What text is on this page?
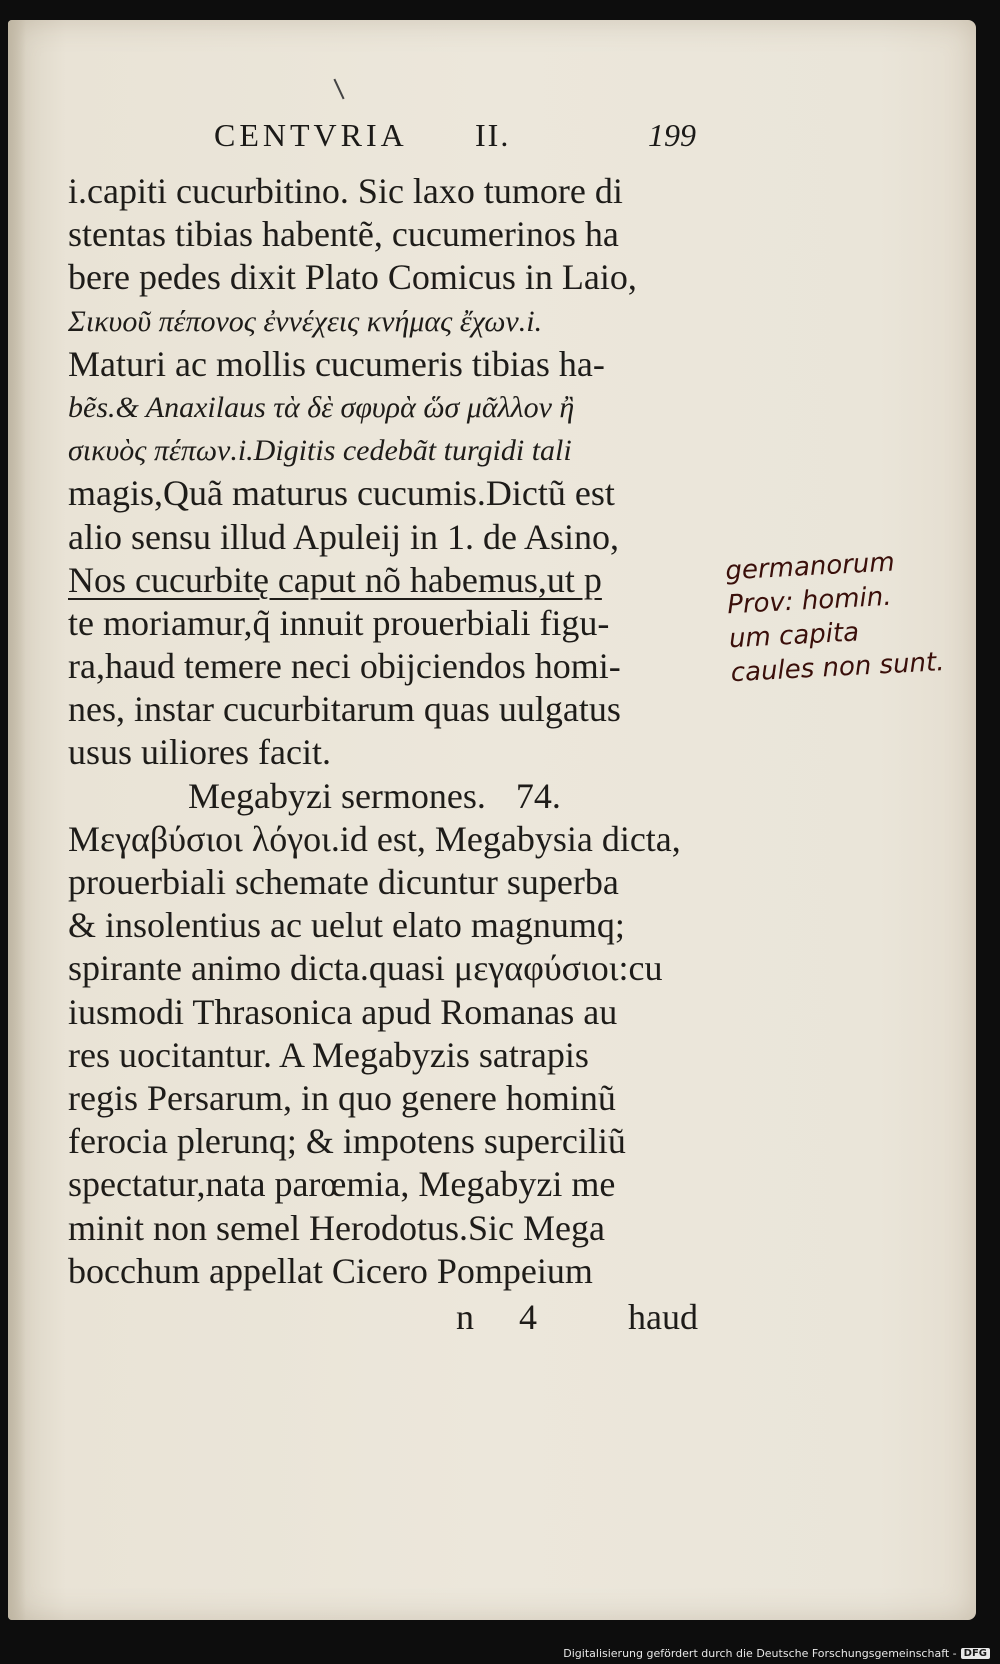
CENTVRIA II.	199
i.capiti cucurbitino. Sic laxo tumore di
stentas tibias habentẽ, cucumerinos ha
bere pedes dixit Plato Comicus in Laio,
Σικυοῦ πέπονος ἐννέχεις κνήμας ἔχων.i.
Maturi ac mollis cucumeris tibias ha-
bẽs.& Anaxilaus τὰ δὲ σφυρὰ ὥσ μᾶλλον ἢ
σικυὸς πέπων.i.Digitis cedebãt turgidi tali
magis,Quã maturus cucumis.Dictũ est
alio sensu illud Apuleij in 1. de Asino,
Nos cucurbitę caput nõ habemus,ut p
te moriamur,q̃ innuit prouerbiali figu-
ra,haud temere neci obijciendos homi-
nes, instar cucurbitarum quas uulgatus
usus uiliores facit.
Megabyzi sermones. 74.
Μεγαβύσιοι λόγοι.id est, Megabysia dicta,
prouerbiali schemate dicuntur superba
& insolentius ac uelut elato magnumq;
spirante animo dicta.quasi μεγαφύσιοι:cu
iusmodi Thrasonica apud Romanas au
res uocitantur. A Megabyzis satrapis
regis Persarum, in quo genere hominũ
ferocia plerunq; & impotens superciliũ
spectatur,nata parœmia, Megabyzi me
minit non semel Herodotus.Sic Mega
bocchum appellat Cicero Pompeium
germanorum
Prov: homin.
um capita
caules non sunt.
n 4 haud
Digitalisierung gefördert durch die Deutsche Forschungsgemeinschaft - DFG
